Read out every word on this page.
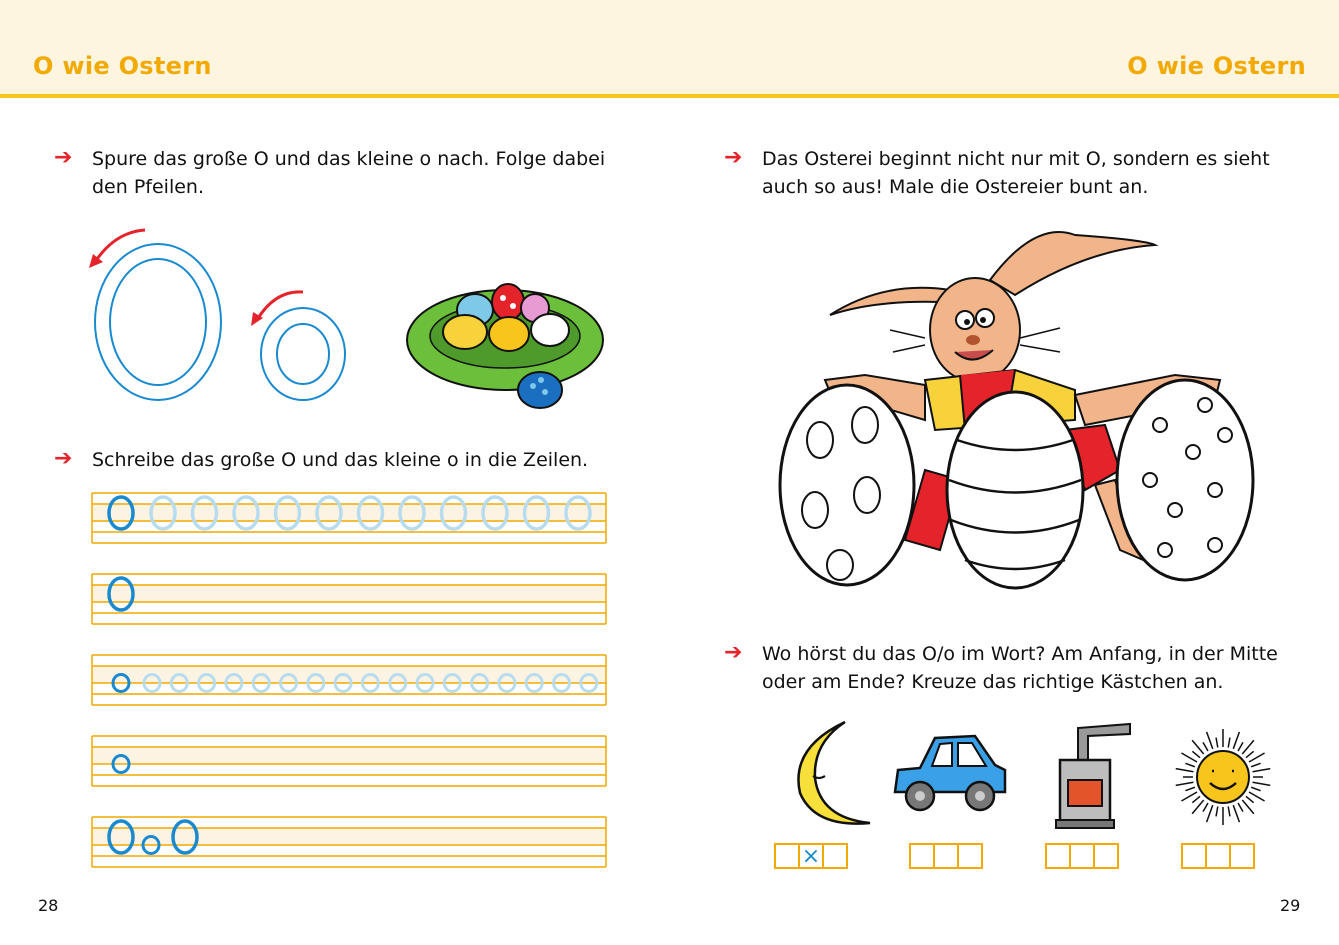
O wie Ostern	O wie Ostern
➔ Spure das große O und das kleine o nach. Folge dabei
den Pfeilen.
➔ Schreibe das große O und das kleine o in die Zeilen.
28
➔ Das Osterei beginnt nicht nur mit O, sondern es sieht
auch so aus! Male die Ostereier bunt an.
➔ Wo hörst du das O/o im Wort? Am Anfang, in der Mitte
oder am Ende? Kreuze das richtige Kästchen an.
×
29
